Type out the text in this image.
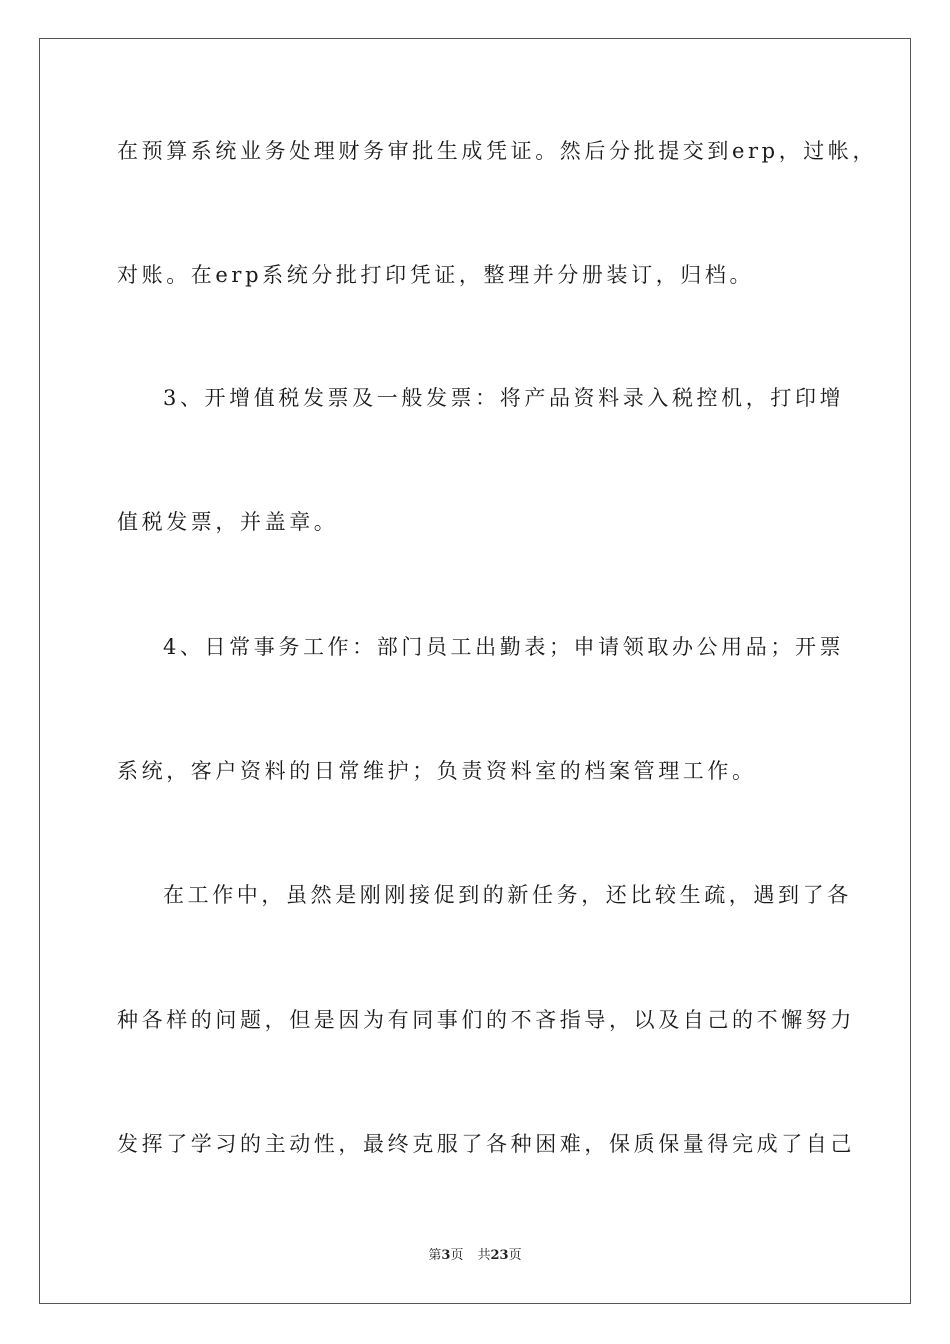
在预算系统业务处理财务审批生成凭证。然后分批提交到erp，过帐，
对账。在erp系统分批打印凭证，整理并分册装订，归档。
3、开增值税发票及一般发票：将产品资料录入税控机，打印增
值税发票，并盖章。
4、日常事务工作：部门员工出勤表；申请领取办公用品；开票
系统，客户资料的日常维护；负责资料室的档案管理工作。
在工作中，虽然是刚刚接促到的新任务，还比较生疏，遇到了各
种各样的问题，但是因为有同事们的不吝指导，以及自己的不懈努力
发挥了学习的主动性，最终克服了各种困难，保质保量得完成了自己
第3页 共23页
